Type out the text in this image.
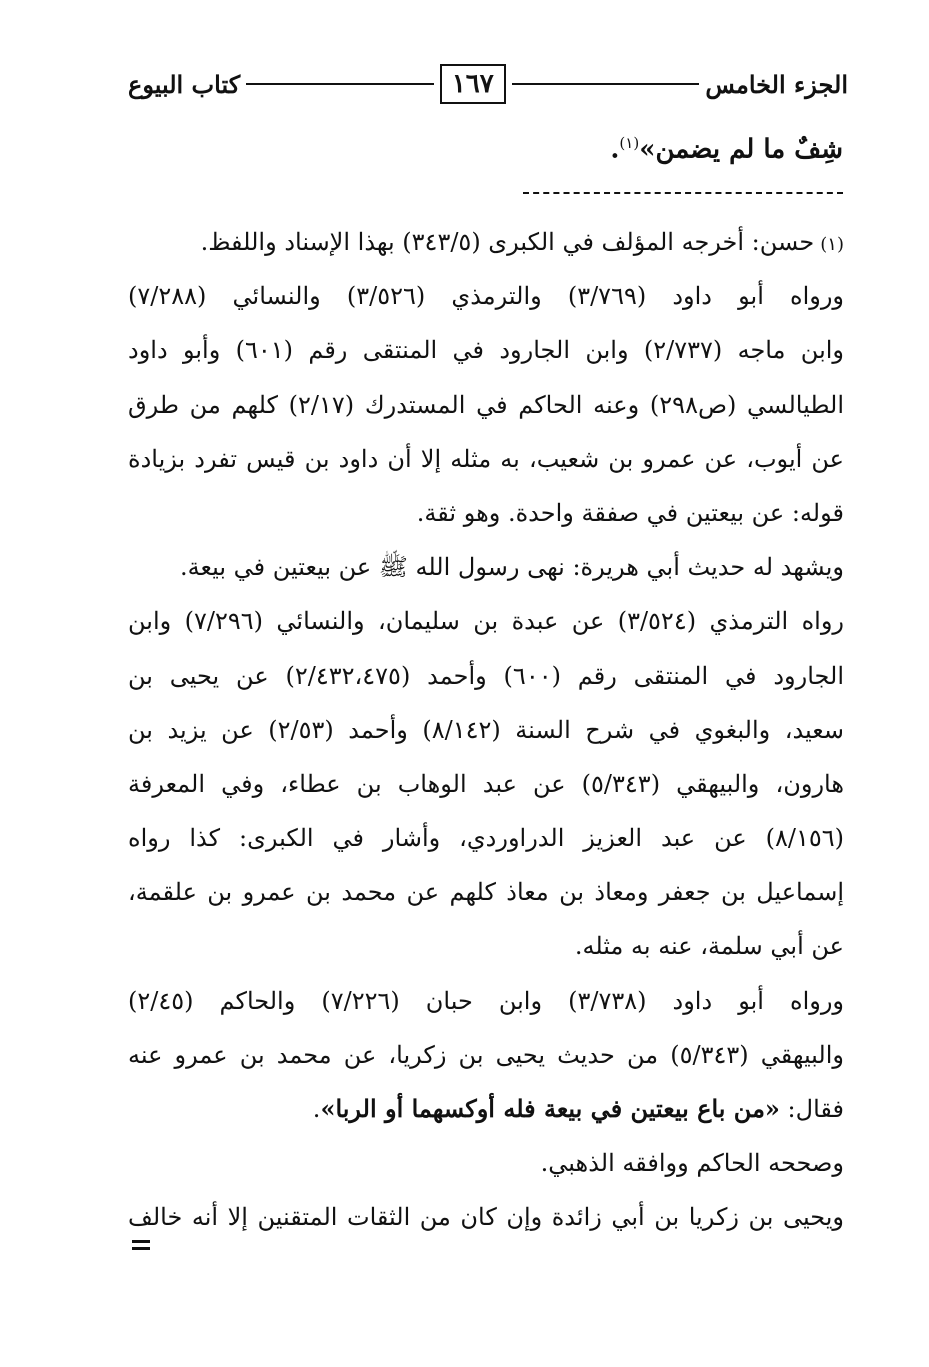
الجزء الخامس
١٦٧
كتاب البيوع
شِفٌ ما لم يضمن»$^{(١)}$.
(١)حسن: أخرجه المؤلف في الكبرى (٣٤٣/٥) بهذا الإسناد واللفظ.
ورواه أبو داود (٣/٧٦٩) والترمذي (٣/٥٢٦) والنسائي (٧/٢٨٨)
وابن ماجه (٢/٧٣٧) وابن الجارود في المنتقى رقم (٦٠١) وأبو داود
الطيالسي (ص٢٩٨) وعنه الحاكم في المستدرك (٢/١٧) كلهم من طرق
عن أيوب، عن عمرو بن شعيب، به مثله إلا أن داود بن قيس تفرد بزيادة
قوله: عن بيعتين في صفقة واحدة. وهو ثقة.
ويشهد له حديث أبي هريرة: نهى رسول الله ﷺ عن بيعتين في بيعة.
رواه الترمذي (٣/٥٢٤) عن عبدة بن سليمان، والنسائي (٧/٢٩٦) وابن
الجارود في المنتقى رقم (٦٠٠) وأحمد (٢/٤٣٢،٤٧٥) عن يحيى بن
سعيد، والبغوي في شرح السنة (٨/١٤٢) وأحمد (٢/٥٣) عن يزيد بن
هارون، والبيهقي (٥/٣٤٣) عن عبد الوهاب بن عطاء، وفي المعرفة
(٨/١٥٦) عن عبد العزيز الدراوردي، وأشار في الكبرى: كذا رواه
إسماعيل بن جعفر ومعاذ بن معاذ كلهم عن محمد بن عمرو بن علقمة،
عن أبي سلمة، عنه به مثله.
ورواه أبو داود (٣/٧٣٨) وابن حبان (٧/٢٢٦) والحاكم (٢/٤٥)
والبيهقي (٥/٣٤٣) من حديث يحيى بن زكريا، عن محمد بن عمرو عنه
فقال: «من باع بيعتين في بيعة فله أوكسهما أو الربا».
وصححه الحاكم ووافقه الذهبي.
ويحيى بن زكريا بن أبي زائدة وإن كان من الثقات المتقنين إلا أنه خالف
